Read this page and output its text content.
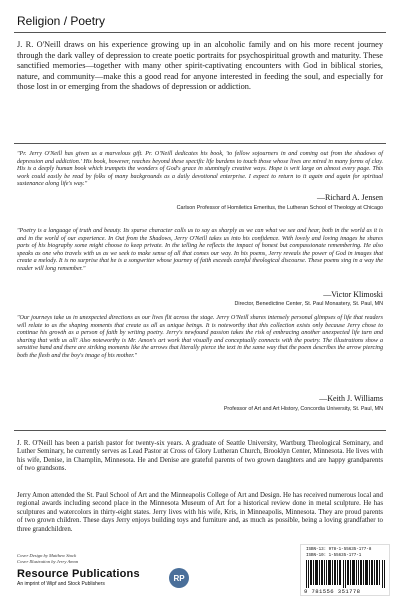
Religion / Poetry
J. R. O'Neill draws on his experience growing up in an alcoholic family and on his more recent journey through the dark valley of depression to create poetic portraits for psychospiritual growth and maturity. These sanctified memories—together with many other spirit-captivating encounters with God in biblical stories, nature, and community—make this a good read for anyone interested in feeding the soul, and especially for those lost in or emerging from the shadows of depression or addiction.
"Pr. Jerry O'Neill has given us a marvelous gift. Pr. O'Neill dedicates his book, 'to fellow sojourners in and coming out from the shadows of depression and addiction.' His book, however, reaches beyond these specific life burdens to touch those whose lives are mired in many forms of clay. His is a deeply human book which trumpets the wonders of God's grace in stunningly creative ways. Hope is writ large on almost every page. This work could easily be read by folks of many backgrounds as a daily devotional enterprise. I expect to return to it again and again for spiritual sustenance along life's way."
—Richard A. Jensen
Carlson Professor of Homiletics Emeritus, the Lutheran School of Theology at Chicago
"Poetry is a language of truth and beauty. Its sparse character calls us to say as sharply as we can what we see and hear, both in the world as it is and in the world of our experience. In Out from the Shadows, Jerry O'Neill takes us into his confidence. With lovely and loving images he shares parts of his biography some might choose to keep private. In the telling he reflects the impact of honest but compassionate remembering. He also speaks as one who travels with us as we seek to make sense of all that comes our way. In his poems, Jerry reveals the power of God in images that create a melody. It is no surprise that he is a songwriter whose journey of faith exceeds careful theological discourse. These poems sing in a way the reader will long remember."
—Victor Klimoski
Director, Benedictine Center, St. Paul Monastery, St. Paul, MN
"Our journeys take us in unexpected directions as our lives flit across the stage. Jerry O'Neill shares intensely personal glimpses of life that readers will relate to as the shaping moments that create us all as unique beings. It is noteworthy that this collection exists only because Jerry chose to continue his growth as a person of faith by writing poetry. Jerry's newfound passion takes the risk of embracing another unexpected life turn and sharing that with us all! Also noteworthy is Mr. Amon's art work that visually and conceptually connects with the poetry. The illustrations show a sensitive hand and there are striking moments like the arrows that literally pierce the text in the same way that the poem describes the arrow piercing both the flesh and the boy's image of his mother."
—Keith J. Williams
Professor of Art and Art History, Concordia University, St. Paul, MN
J. R. O'Neill has been a parish pastor for twenty-six years. A graduate of Seattle University, Wartburg Theological Seminary, and Luther Seminary, he currently serves as Lead Pastor at Cross of Glory Lutheran Church, Brooklyn Center, Minnesota. He lives with his wife, Denise, in Champlin, Minnesota. He and Denise are grateful parents of two grown daughters and are happy grandparents of two grandsons.
Jerry Amon attended the St. Paul School of Art and the Minneapolis College of Art and Design. He has received numerous local and regional awards including second place in the Minnesota Museum of Art for a historical review done in metal sculpture. He has sculptures and watercolors in thirty-eight states. Jerry lives with his wife, Kris, in Minneapolis, Minnesota. They are proud parents of two grown children. These days Jerry enjoys building toys and furniture and, as much as possible, being a loving grandfather to three grandchildren.
Cover Design by Matthew Stock
Cover Illustration by Jerry Amon
Resource Publications
An imprint of Wipf and Stock Publishers
RP
ISBN-13: 978-1-55635-177-8
ISBN-10: 1-55635-177-1
9 781556 351778
